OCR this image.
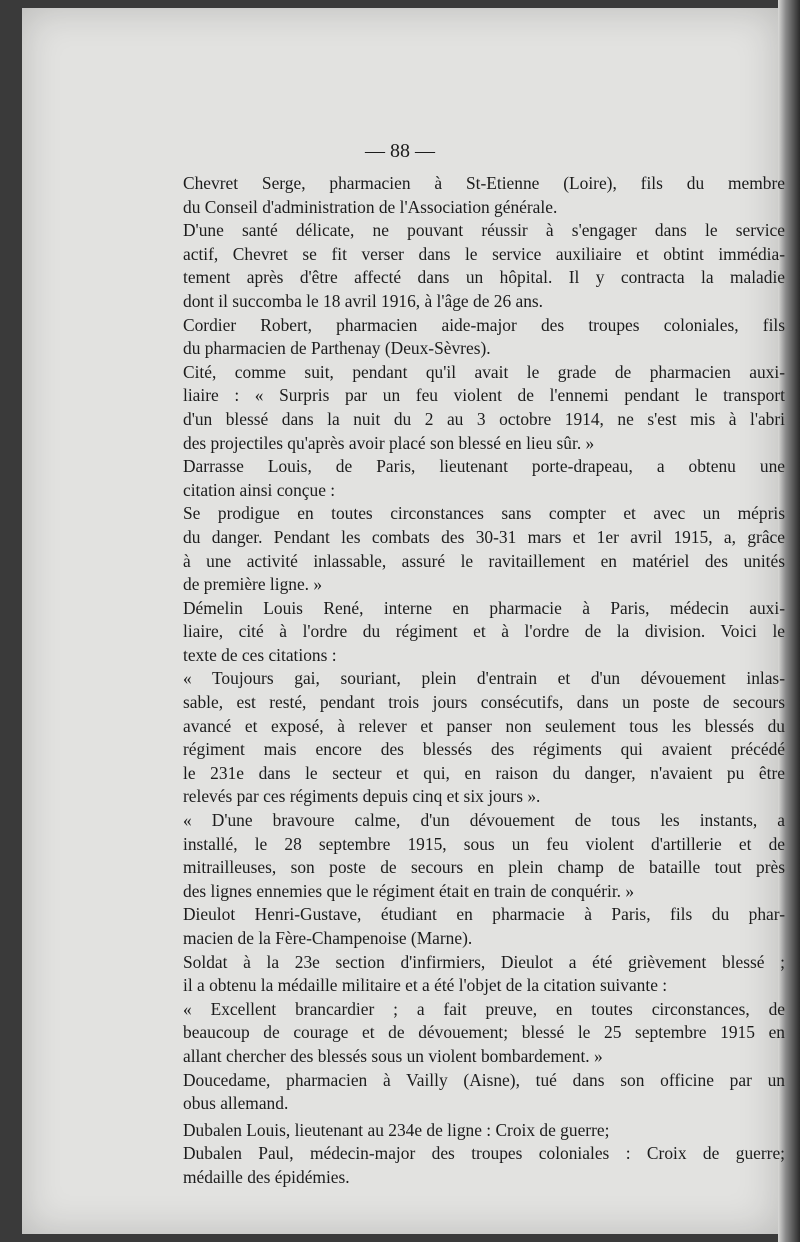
— 88 —

Chevret Serge, pharmacien à St-Etienne (Loire), fils du membre
du Conseil d'administration de l'Association générale.

D'une santé délicate, ne pouvant réussir à s'engager dans le service
actif, Chevret se fit verser dans le service auxiliaire et obtint immédia-
tement après d'être affecté dans un hôpital. Il y contracta la maladie
dont il succomba le 18 avril 1916, à l'âge de 26 ans.

Cordier Robert, pharmacien aide-major des troupes coloniales, fils
du pharmacien de Parthenay (Deux-Sèvres).

Cité, comme suit, pendant qu'il avait le grade de pharmacien auxi-
liaire : « Surpris par un feu violent de l'ennemi pendant le transport
d'un blessé dans la nuit du 2 au 3 octobre 1914, ne s'est mis à l'abri
des projectiles qu'après avoir placé son blessé en lieu sûr. »

Darrasse Louis, de Paris, lieutenant porte-drapeau, a obtenu une
citation ainsi conçue :

Se prodigue en toutes circonstances sans compter et avec un mépris
du danger. Pendant les combats des 30-31 mars et 1er avril 1915, a, grâce
à une activité inlassable, assuré le ravitaillement en matériel des unités
de première ligne. »

Démelin Louis René, interne en pharmacie à Paris, médecin auxi-
liaire, cité à l'ordre du régiment et à l'ordre de la division. Voici le
texte de ces citations :

« Toujours gai, souriant, plein d'entrain et d'un dévouement inlas-
sable, est resté, pendant trois jours consécutifs, dans un poste de secours
avancé et exposé, à relever et panser non seulement tous les blessés du
régiment mais encore des blessés des régiments qui avaient précédé
le 231e dans le secteur et qui, en raison du danger, n'avaient pu être
relevés par ces régiments depuis cinq et six jours ».

« D'une bravoure calme, d'un dévouement de tous les instants, a
installé, le 28 septembre 1915, sous un feu violent d'artillerie et de
mitrailleuses, son poste de secours en plein champ de bataille tout près
des lignes ennemies que le régiment était en train de conquérir. »

Dieulot Henri-Gustave, étudiant en pharmacie à Paris, fils du phar-
macien de la Fère-Champenoise (Marne).

Soldat à la 23e section d'infirmiers, Dieulot a été grièvement blessé ;
il a obtenu la médaille militaire et a été l'objet de la citation suivante :

« Excellent brancardier ; a fait preuve, en toutes circonstances, de
beaucoup de courage et de dévouement; blessé le 25 septembre 1915 en
allant chercher des blessés sous un violent bombardement. »

Doucedame, pharmacien à Vailly (Aisne), tué dans son officine par un
obus allemand.

Dubalen Louis, lieutenant au 234e de ligne : Croix de guerre;

Dubalen Paul, médecin-major des troupes coloniales : Croix de guerre;
médaille des épidémies.
